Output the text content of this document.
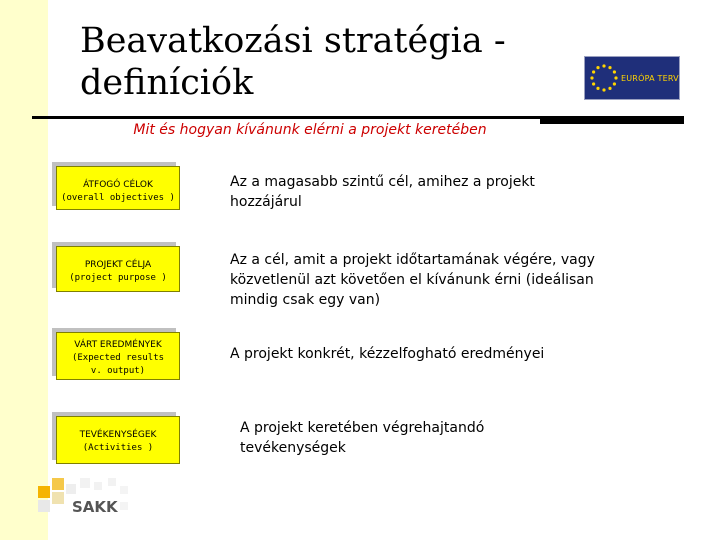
Beavatkozási stratégia -
definíciók	EURÓPA TERV
Mit és hogyan kívánunk elérni a projekt keretében
ÁTFOGÓ CÉLOK
(overall objectives )
Az a magasabb szintű cél, amihez a projekt hozzájárul
PROJEKT CÉLJA
(project purpose )
Az a cél, amit a projekt időtartamának végére, vagy közvetlenül azt követően el kívánunk érni (ideálisan mindig csak egy van)
VÁRT EREDMÉNYEK
(Expected results
v. output)
A projekt konkrét, kézzelfogható eredményei
TEVÉKENYSÉGEK
(Activities )
A projekt keretében végrehajtandó tevékenységek
SAKK
